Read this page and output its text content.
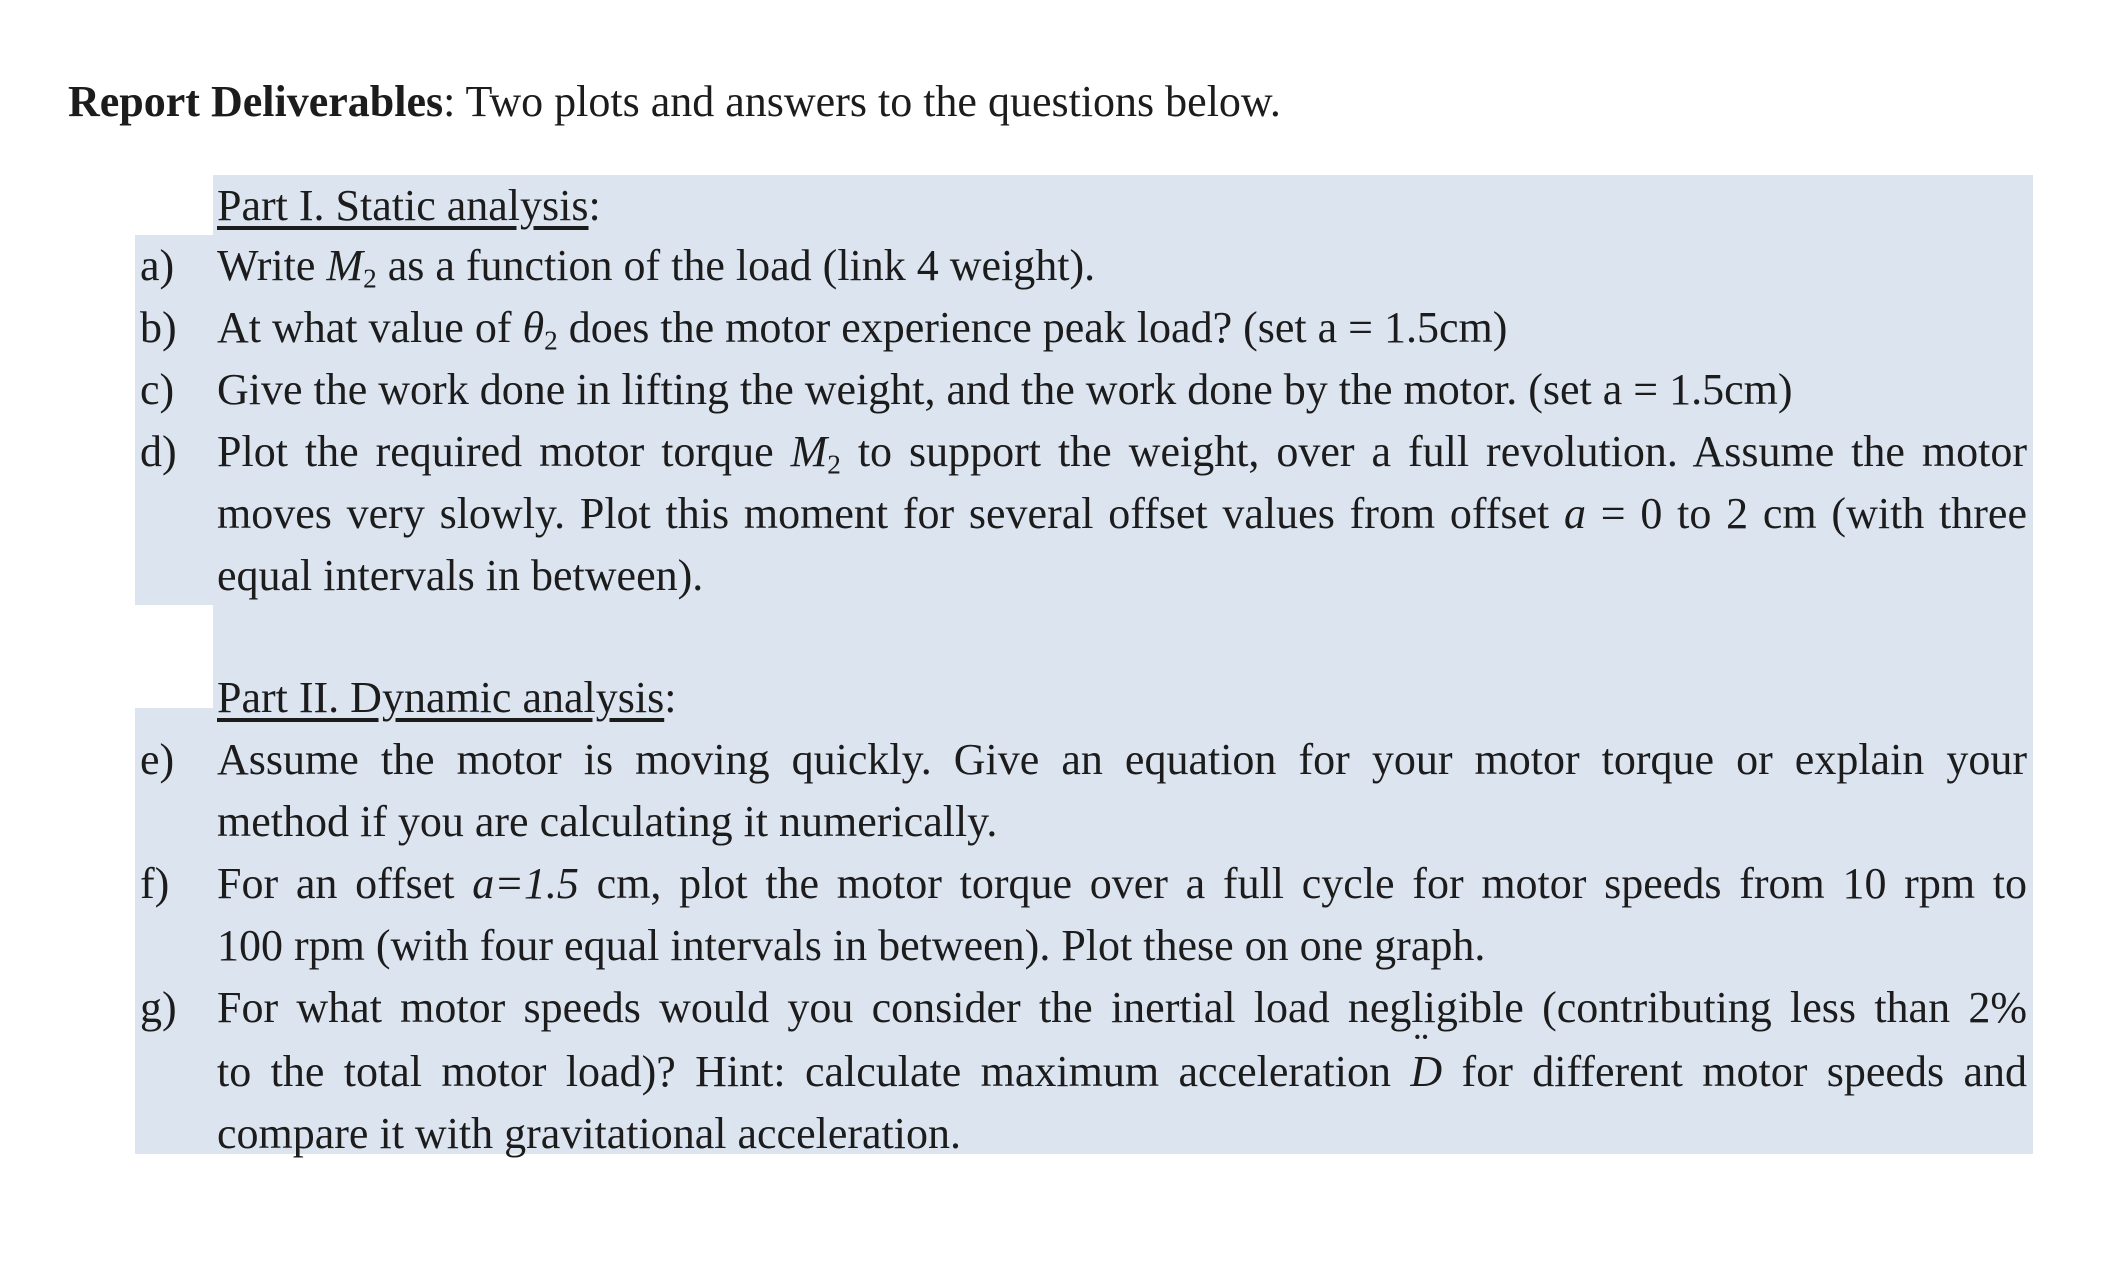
Report Deliverables: Two plots and answers to the questions below.
Part I. Static analysis:
a) Write $M_2$ as a function of the load (link 4 weight).
b) At what value of $\theta_2$ does the motor experience peak load? (set a = 1.5cm)
c) Give the work done in lifting the weight, and the work done by the motor. (set a = 1.5cm)
d) Plot the required motor torque $M_2$ to support the weight, over a full revolution. Assume the motor
moves very slowly. Plot this moment for several offset values from offset a = 0 to 2 cm (with three
equal intervals in between).
Part II. Dynamic analysis:
e) Assume the motor is moving quickly. Give an equation for your motor torque or explain your
method if you are calculating it numerically.
f) For an offset a=1.5 cm, plot the motor torque over a full cycle for motor speeds from 10 rpm to
100 rpm (with four equal intervals in between). Plot these on one graph.
g) For what motor speeds would you consider the inertial load negligible (contributing less than 2%
to the total motor load)? Hint: calculate maximum acceleration ¨ D for different motor speeds and
compare it with gravitational acceleration.
